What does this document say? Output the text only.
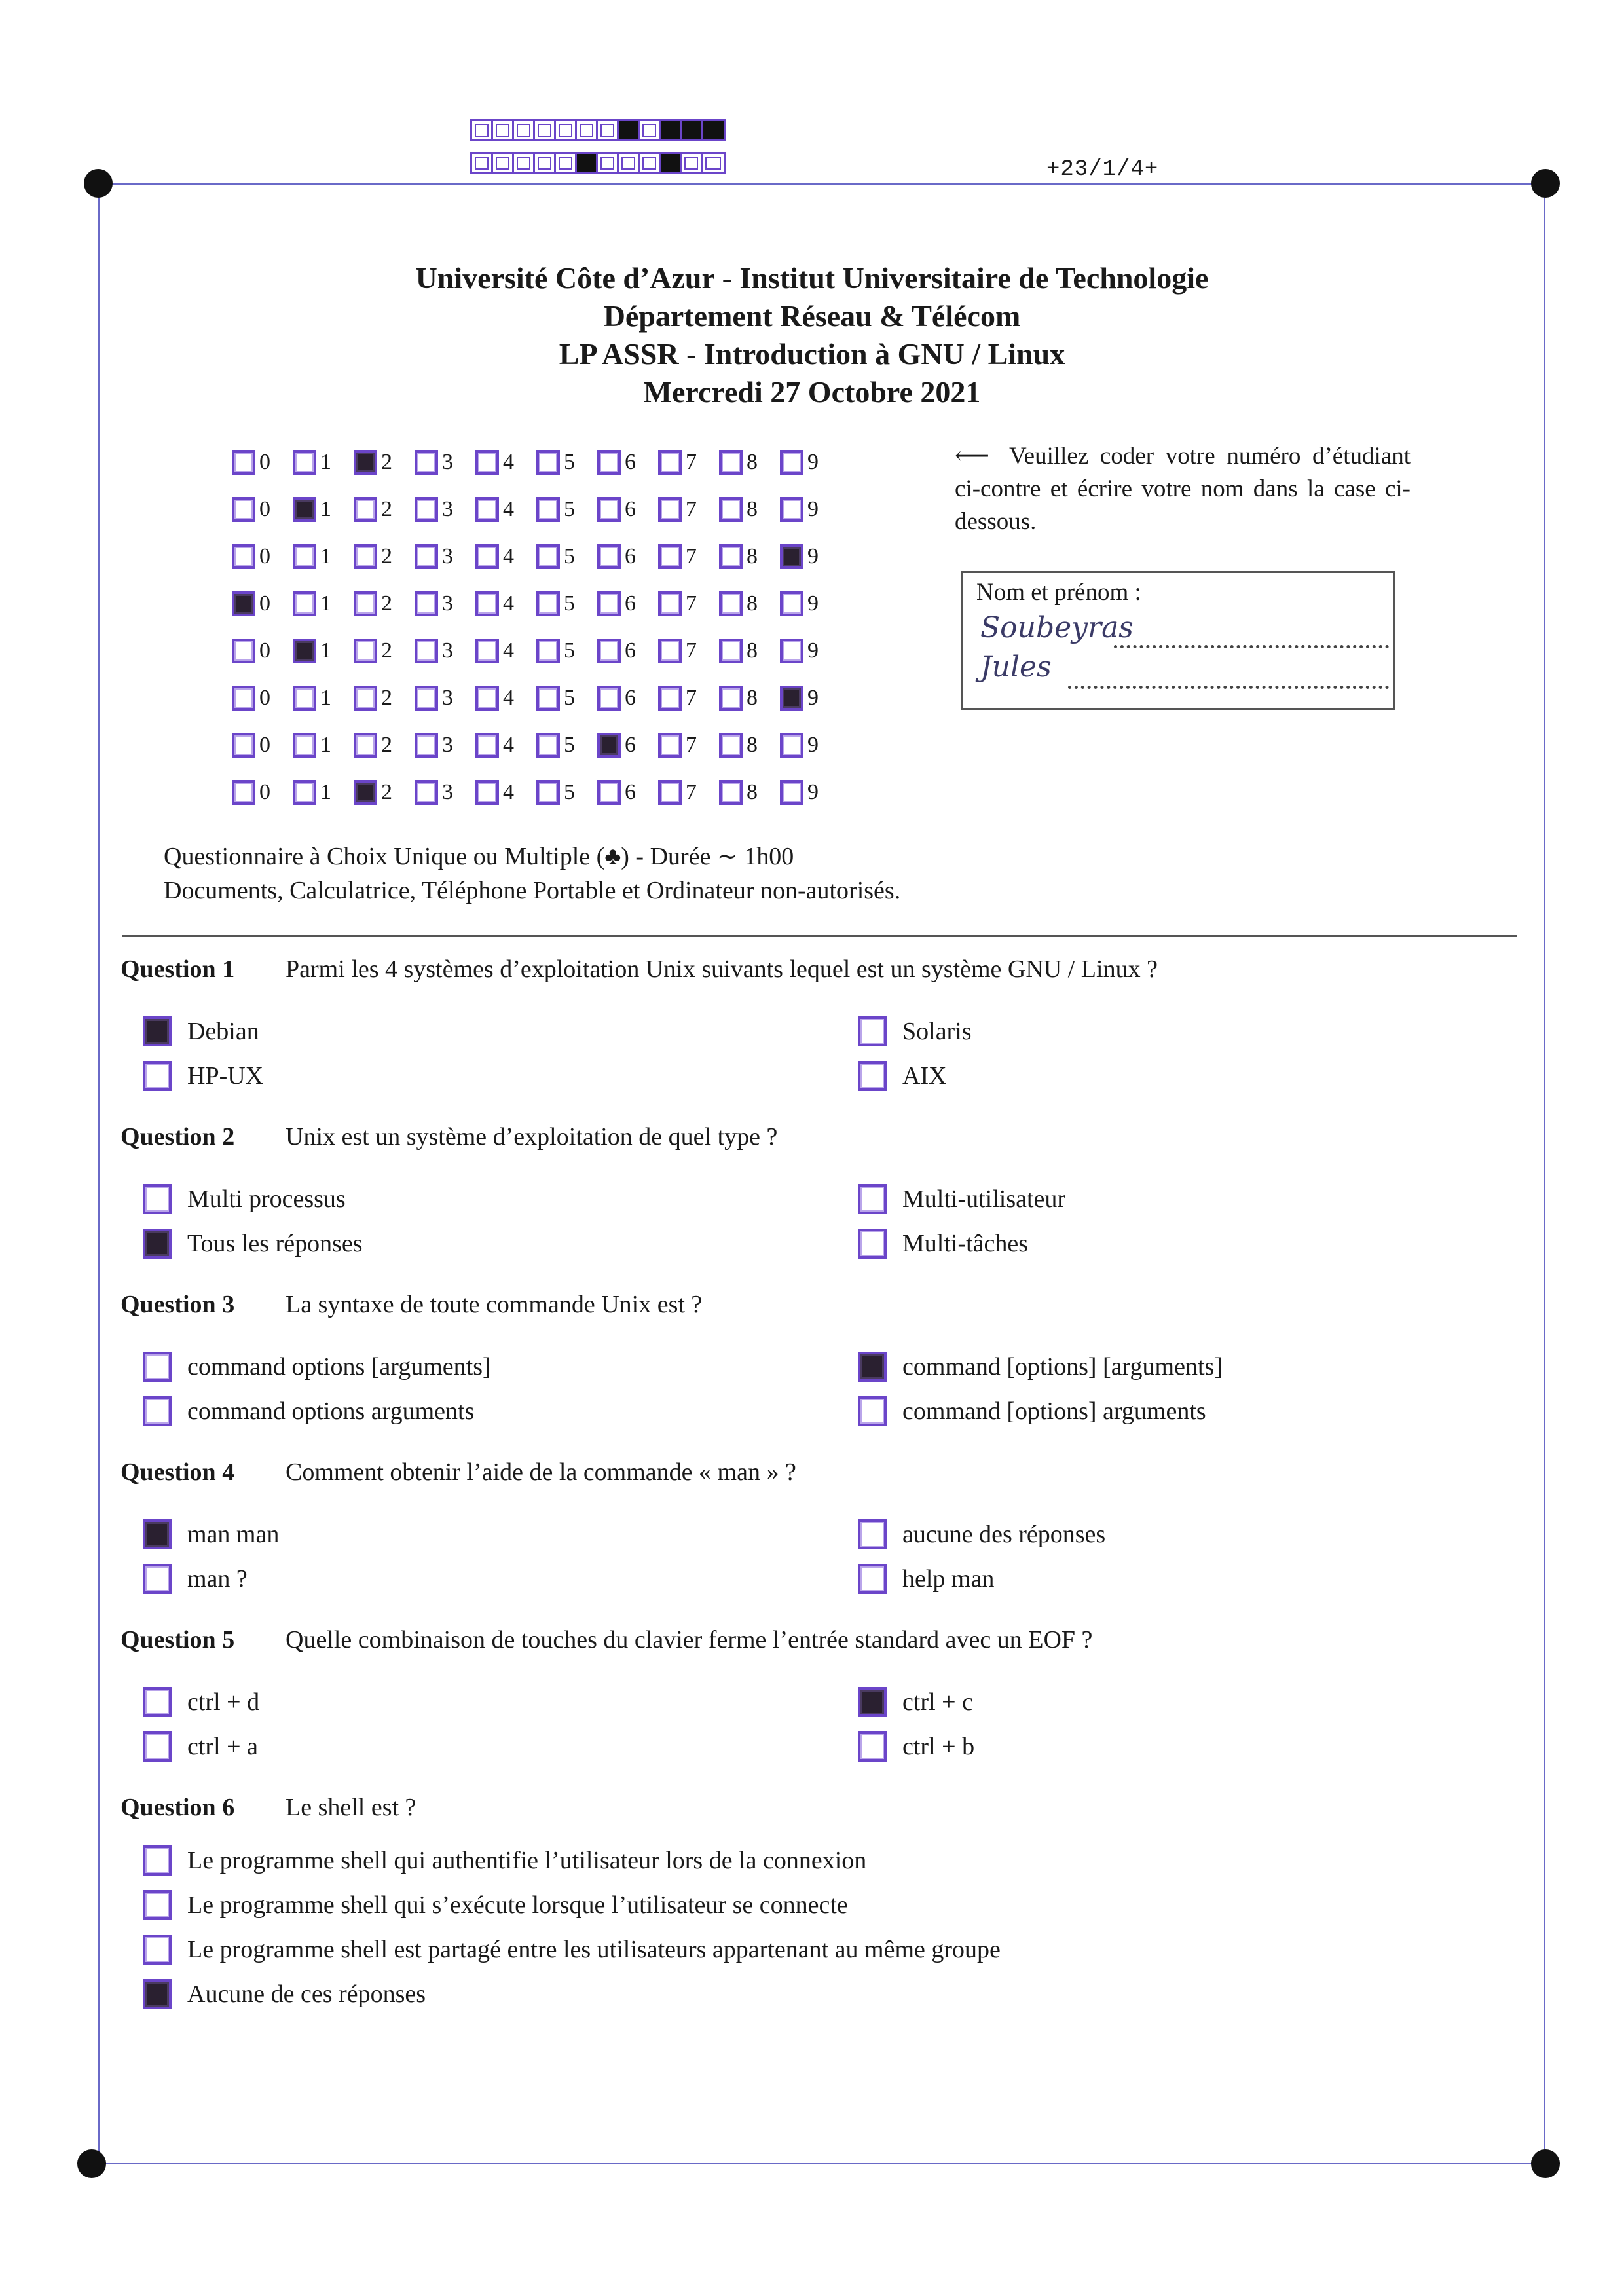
+23/1/4+
Université Côte d’Azur - Institut Universitaire de Technologie
Département Réseau & Télécom
LP ASSR - Introduction à GNU / Linux
Mercredi 27 Octobre 2021
0 1 2 3 4 5 6 7 8 9
0 1 2 3 4 5 6 7 8 9
0 1 2 3 4 5 6 7 8 9
0 1 2 3 4 5 6 7 8 9
0 1 2 3 4 5 6 7 8 9
0 1 2 3 4 5 6 7 8 9
0 1 2 3 4 5 6 7 8 9
0 1 2 3 4 5 6 7 8 9
⟵ Veuillez coder votre numéro d’étudiant ci-contre et écrire votre nom dans la case ci-dessous.
Nom et prénom :
Soubeyras
Jules
Questionnaire à Choix Unique ou Multiple (♣) - Durée ∼ 1h00
Documents, Calculatrice, Téléphone Portable et Ordinateur non-autorisés.
Question 1 Parmi les 4 systèmes d’exploitation Unix suivants lequel est un système GNU / Linux ?
Debian	Solaris
HP-UX	AIX
Question 2 Unix est un système d’exploitation de quel type ?
Multi processus	Multi-utilisateur
Tous les réponses	Multi-tâches
Question 3 La syntaxe de toute commande Unix est ?
command options [arguments]	command [options] [arguments]
command options arguments	command [options] arguments
Question 4 Comment obtenir l’aide de la commande « man » ?
man man	aucune des réponses
man ?	help man
Question 5 Quelle combinaison de touches du clavier ferme l’entrée standard avec un EOF ?
ctrl + d	ctrl + c
ctrl + a	ctrl + b
Question 6 Le shell est ?
Le programme shell qui authentifie l’utilisateur lors de la connexion
Le programme shell qui s’exécute lorsque l’utilisateur se connecte
Le programme shell est partagé entre les utilisateurs appartenant au même groupe
Aucune de ces réponses
